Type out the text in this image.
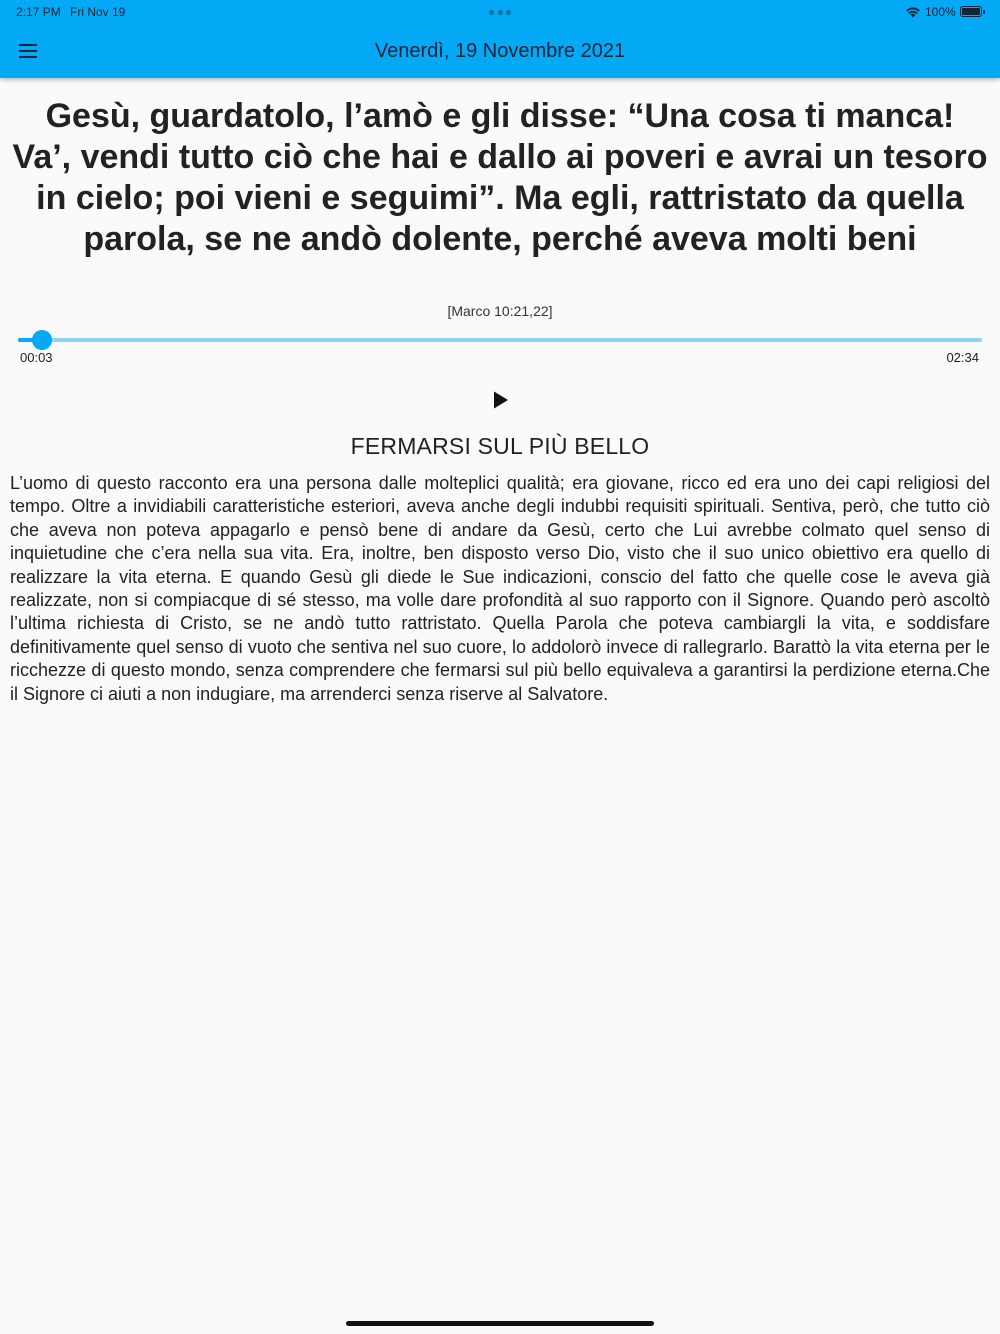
2:17 PM Fri Nov 19	100%
Venerdì, 19 Novembre 2021

Gesù, guardatolo, l’amò e gli disse: “Una cosa ti manca! Va’, vendi tutto ciò che hai e dallo ai poveri e avrai un tesoro in cielo; poi vieni e seguimi”. Ma egli, rattristato da quella parola, se ne andò dolente, perché aveva molti beni

[Marco 10:21,22]
00:03	02:34
FERMARSI SUL PIÙ BELLO

L’uomo di questo racconto era una persona dalle molteplici qualità; era giovane, ricco ed era uno dei capi religiosi del tempo. Oltre a invidiabili caratteristiche esteriori, aveva anche degli indubbi requisiti spirituali. Sentiva, però, che tutto ciò che aveva non poteva appagarlo e pensò bene di andare da Gesù, certo che Lui avrebbe colmato quel senso di inquietudine che c’era nella sua vita. Era, inoltre, ben disposto verso Dio, visto che il suo unico obiettivo era quello di realizzare la vita eterna. E quando Gesù gli diede le Sue indicazioni, conscio del fatto che quelle cose le aveva già realizzate, non si compiacque di sé stesso, ma volle dare profondità al suo rapporto con il Signore. Quando però ascoltò l’ultima richiesta di Cristo, se ne andò tutto rattristato. Quella Parola che poteva cambiargli la vita, e soddisfare definitivamente quel senso di vuoto che sentiva nel suo cuore, lo addolorò invece di rallegrarlo. Barattò la vita eterna per le ricchezze di questo mondo, senza comprendere che fermarsi sul più bello equivaleva a garantirsi la perdizione eterna.Che il Signore ci aiuti a non indugiare, ma arrenderci senza riserve al Salvatore.
